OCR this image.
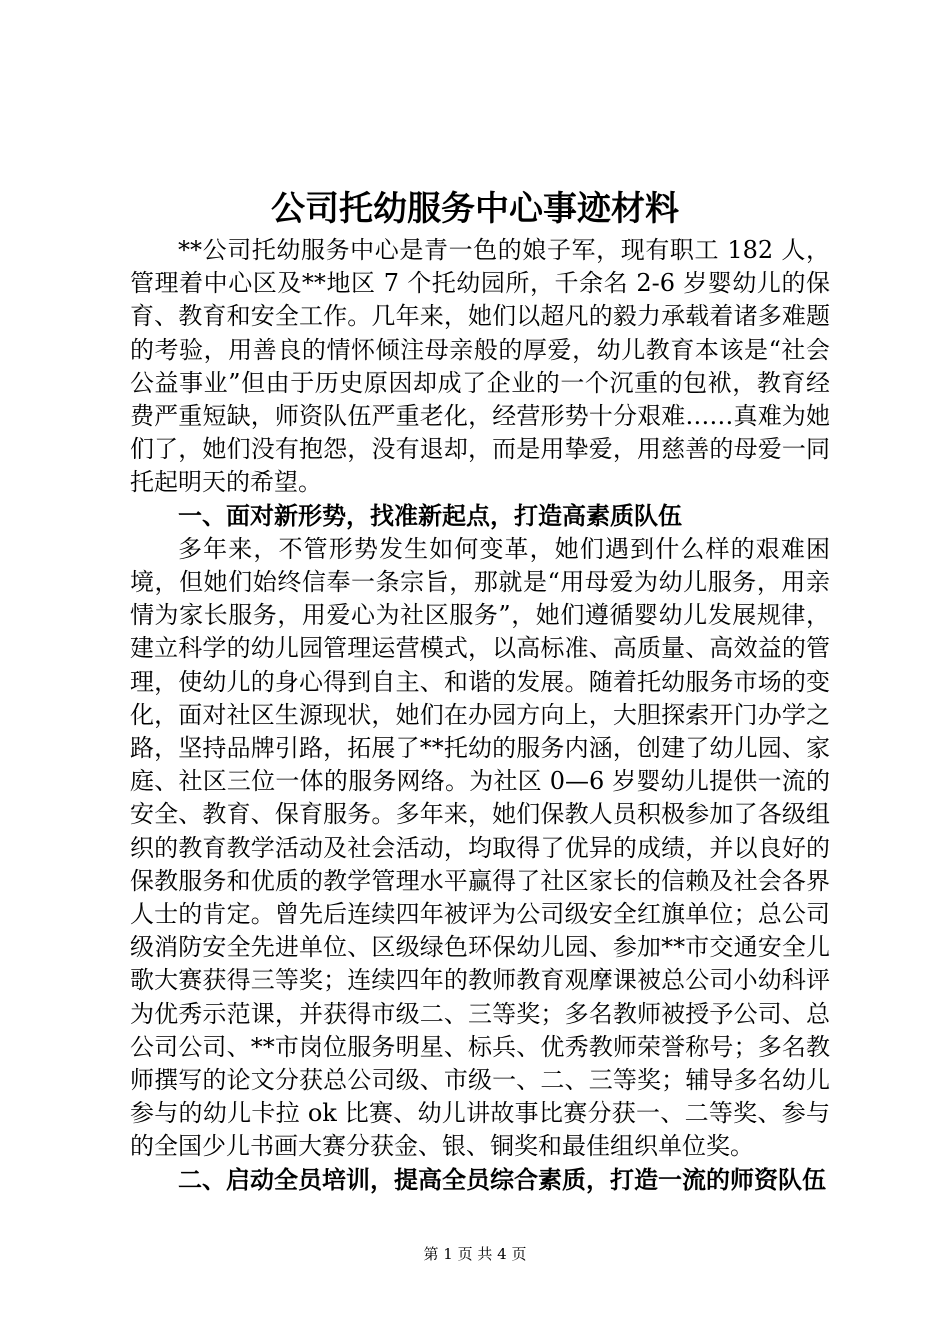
公司托幼服务中心事迹材料

**公司托幼服务中心是青一色的娘子军，现有职工 182 人，管理着中心区及**地区 7 个托幼园所，千余名 2-6 岁婴幼儿的保育、教育和安全工作。几年来，她们以超凡的毅力承载着诸多难题的考验，用善良的情怀倾注母亲般的厚爱，幼儿教育本该是“社会公益事业”但由于历史原因却成了企业的一个沉重的包袱，教育经费严重短缺，师资队伍严重老化，经营形势十分艰难……真难为她们了，她们没有抱怨，没有退却，而是用挚爱，用慈善的母爱一同托起明天的希望。

一、面对新形势，找准新起点，打造高素质队伍

多年来，不管形势发生如何变革，她们遇到什么样的艰难困境，但她们始终信奉一条宗旨，那就是“用母爱为幼儿服务，用亲情为家长服务，用爱心为社区服务”，她们遵循婴幼儿发展规律，建立科学的幼儿园管理运营模式，以高标准、高质量、高效益的管理，使幼儿的身心得到自主、和谐的发展。随着托幼服务市场的变化，面对社区生源现状，她们在办园方向上，大胆探索开门办学之路，坚持品牌引路，拓展了**托幼的服务内涵，创建了幼儿园、家庭、社区三位一体的服务网络。为社区 0—6 岁婴幼儿提供一流的安全、教育、保育服务。多年来，她们保教人员积极参加了各级组织的教育教学活动及社会活动，均取得了优异的成绩，并以良好的保教服务和优质的教学管理水平赢得了社区家长的信赖及社会各界人士的肯定。曾先后连续四年被评为公司级安全红旗单位；总公司级消防安全先进单位、区级绿色环保幼儿园、参加**市交通安全儿歌大赛获得三等奖；连续四年的教师教育观摩课被总公司小幼科评为优秀示范课，并获得市级二、三等奖；多名教师被授予公司、总公司公司、**市岗位服务明星、标兵、优秀教师荣誉称号；多名教师撰写的论文分获总公司级、市级一、二、三等奖；辅导多名幼儿参与的幼儿卡拉 ok 比赛、幼儿讲故事比赛分获一、二等奖、参与的全国少儿书画大赛分获金、银、铜奖和最佳组织单位奖。

二、启动全员培训，提高全员综合素质，打造一流的师资队伍

第 1 页 共 4 页
